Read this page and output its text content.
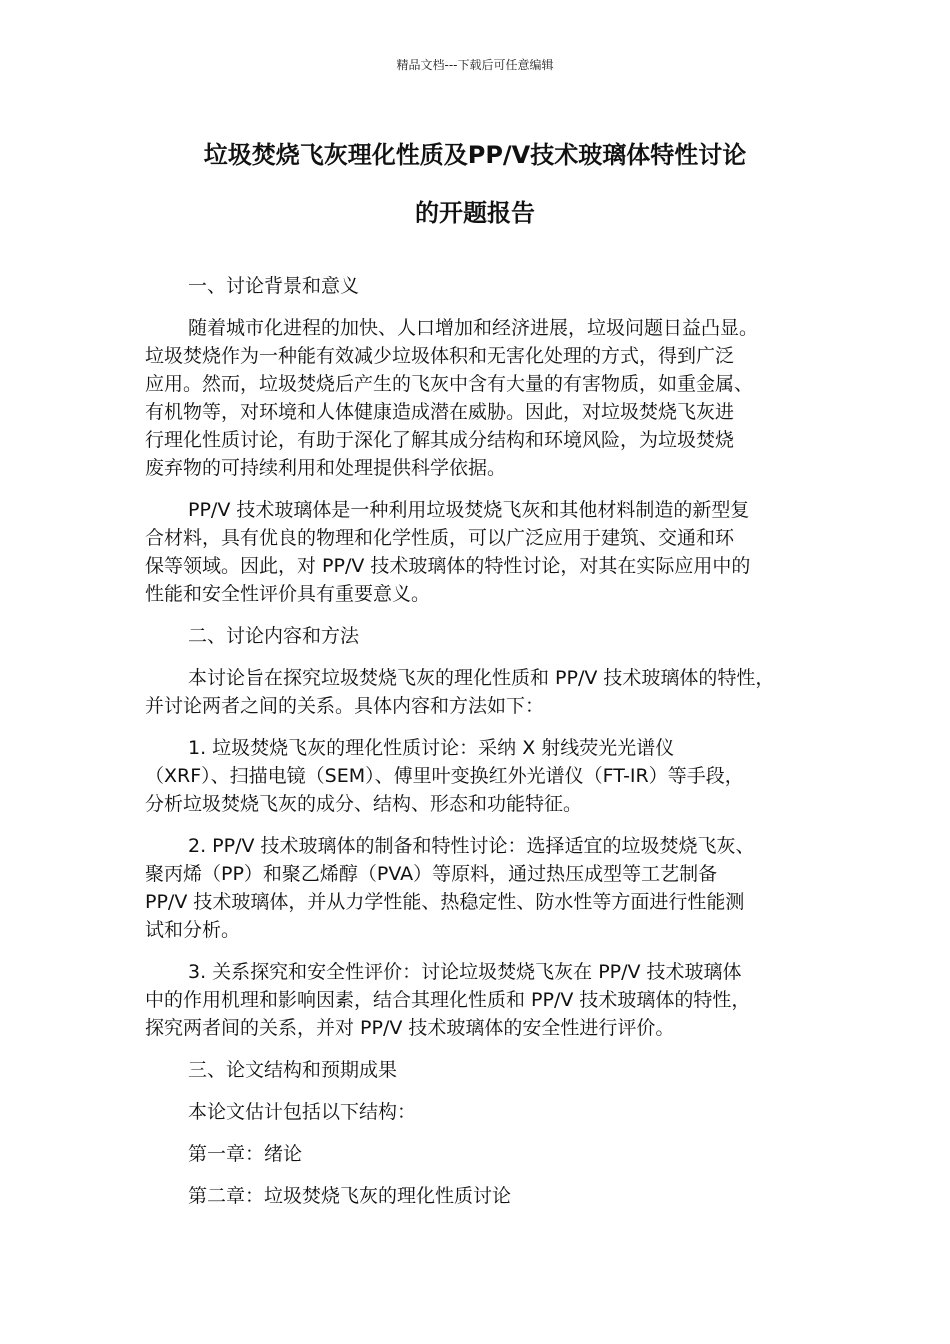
精品文档---下载后可任意编辑
垃圾焚烧飞灰理化性质及PP/V技术玻璃体特性讨论
的开题报告
一、讨论背景和意义
随着城市化进程的加快、人口增加和经济进展，垃圾问题日益凸显。
垃圾焚烧作为一种能有效减少垃圾体积和无害化处理的方式，得到广泛
应用。然而，垃圾焚烧后产生的飞灰中含有大量的有害物质，如重金属、
有机物等，对环境和人体健康造成潜在威胁。因此，对垃圾焚烧飞灰进
行理化性质讨论，有助于深化了解其成分结构和环境风险，为垃圾焚烧
废弃物的可持续利用和处理提供科学依据。
PP/V 技术玻璃体是一种利用垃圾焚烧飞灰和其他材料制造的新型复
合材料，具有优良的物理和化学性质，可以广泛应用于建筑、交通和环
保等领域。因此，对 PP/V 技术玻璃体的特性讨论，对其在实际应用中的
性能和安全性评价具有重要意义。
二、讨论内容和方法
本讨论旨在探究垃圾焚烧飞灰的理化性质和 PP/V 技术玻璃体的特性，
并讨论两者之间的关系。具体内容和方法如下：
1. 垃圾焚烧飞灰的理化性质讨论：采纳 X 射线荧光光谱仪
（XRF）、扫描电镜（SEM）、傅里叶变换红外光谱仪（FT-IR）等手段，
分析垃圾焚烧飞灰的成分、结构、形态和功能特征。
2. PP/V 技术玻璃体的制备和特性讨论：选择适宜的垃圾焚烧飞灰、
聚丙烯（PP）和聚乙烯醇（PVA）等原料，通过热压成型等工艺制备
PP/V 技术玻璃体，并从力学性能、热稳定性、防水性等方面进行性能测
试和分析。
3. 关系探究和安全性评价：讨论垃圾焚烧飞灰在 PP/V 技术玻璃体
中的作用机理和影响因素，结合其理化性质和 PP/V 技术玻璃体的特性，
探究两者间的关系，并对 PP/V 技术玻璃体的安全性进行评价。
三、论文结构和预期成果
本论文估计包括以下结构：
第一章：绪论
第二章：垃圾焚烧飞灰的理化性质讨论
